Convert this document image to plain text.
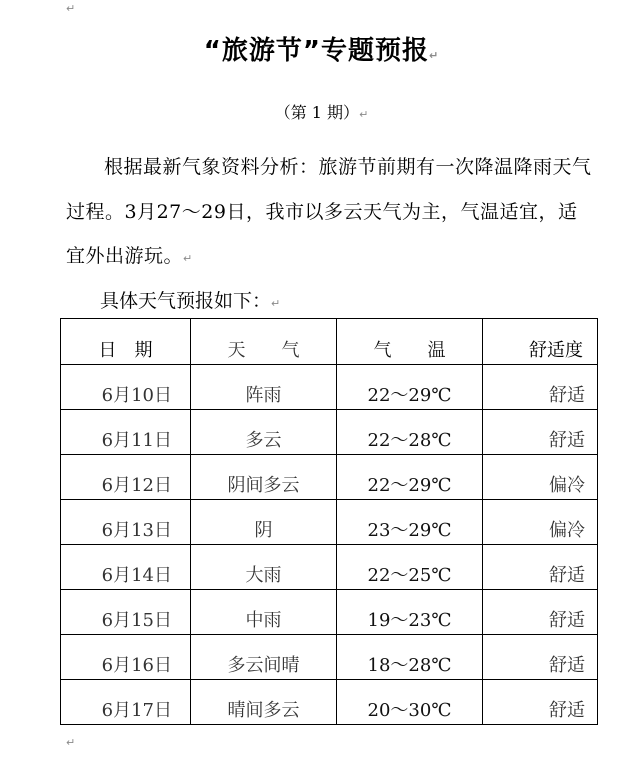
↵
“旅游节”专题预报↵
（第 1 期）↵
根据最新气象资料分析：旅游节前期有一次降温降雨天气过程。3月27～29日，我市以多云天气为主，气温适宜，适宜外出游玩。↵
具体天气预报如下：↵
日　期	天　　气	气　　温	舒适度
6月10日	阵雨	22～29℃	舒适
6月11日	多云	22～28℃	舒适
6月12日	阴间多云	22～29℃	偏冷
6月13日	阴	23～29℃	偏冷
6月14日	大雨	22～25℃	舒适
6月15日	中雨	19～23℃	舒适
6月16日	多云间晴	18～28℃	舒适
6月17日	晴间多云	20～30℃	舒适
↵
